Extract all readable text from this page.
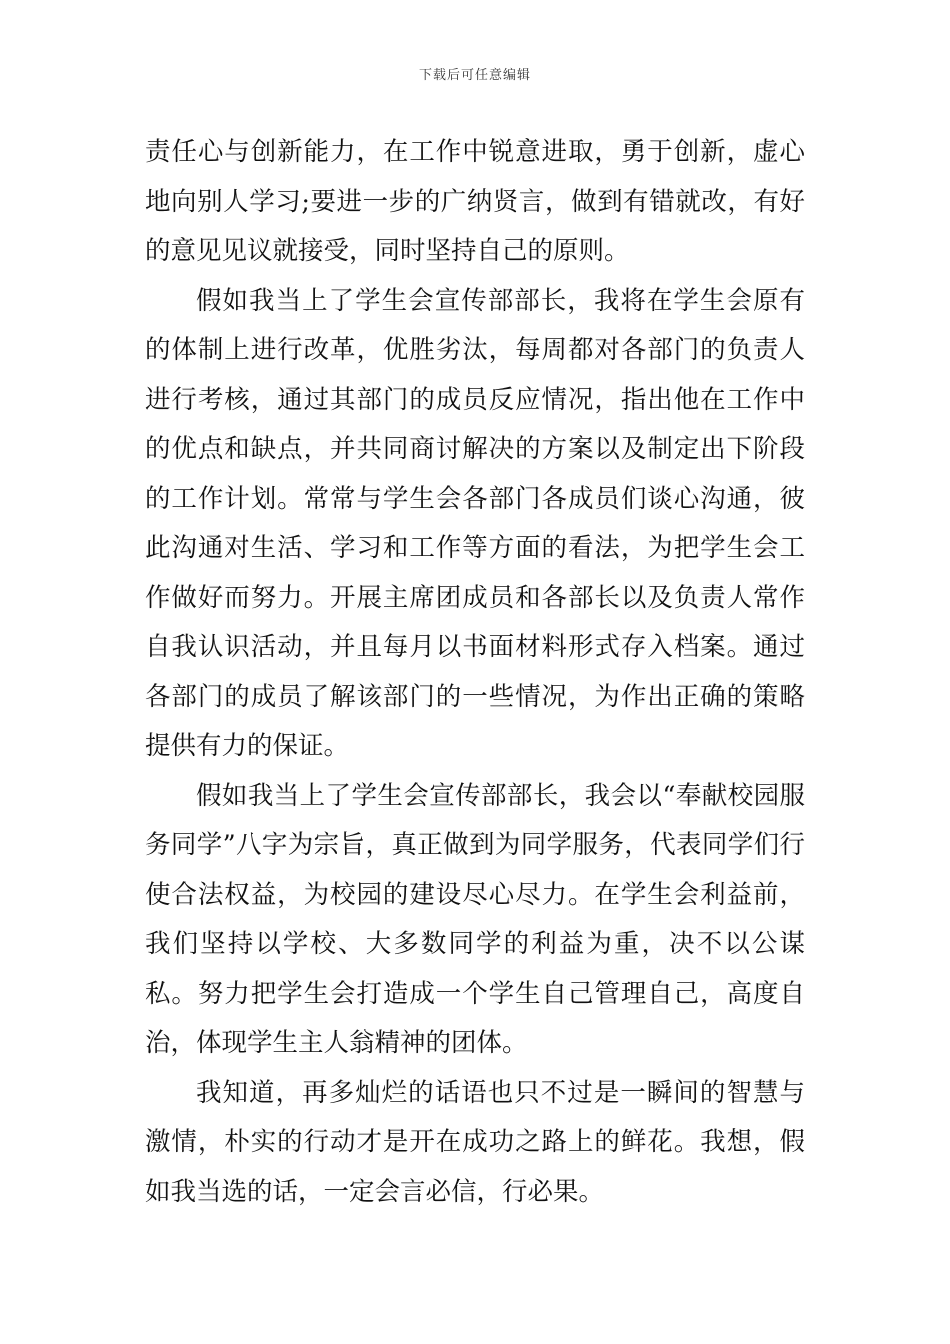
下载后可任意编辑

责任心与创新能力，在工作中锐意进取，勇于创新，虚心地向别人学习;要进一步的广纳贤言，做到有错就改，有好的意见见议就接受，同时坚持自己的原则。

假如我当上了学生会宣传部部长，我将在学生会原有的体制上进行改革，优胜劣汰，每周都对各部门的负责人进行考核，通过其部门的成员反应情况，指出他在工作中的优点和缺点，并共同商讨解决的方案以及制定出下阶段的工作计划。常常与学生会各部门各成员们谈心沟通，彼此沟通对生活、学习和工作等方面的看法，为把学生会工作做好而努力。开展主席团成员和各部长以及负责人常作自我认识活动，并且每月以书面材料形式存入档案。通过各部门的成员了解该部门的一些情况，为作出正确的策略提供有力的保证。

假如我当上了学生会宣传部部长，我会以“奉献校园服务同学”八字为宗旨，真正做到为同学服务，代表同学们行使合法权益，为校园的建设尽心尽力。在学生会利益前，我们坚持以学校、大多数同学的利益为重，决不以公谋私。努力把学生会打造成一个学生自己管理自己，高度自治，体现学生主人翁精神的团体。

我知道，再多灿烂的话语也只不过是一瞬间的智慧与激情，朴实的行动才是开在成功之路上的鲜花。我想，假如我当选的话，一定会言必信，行必果。
